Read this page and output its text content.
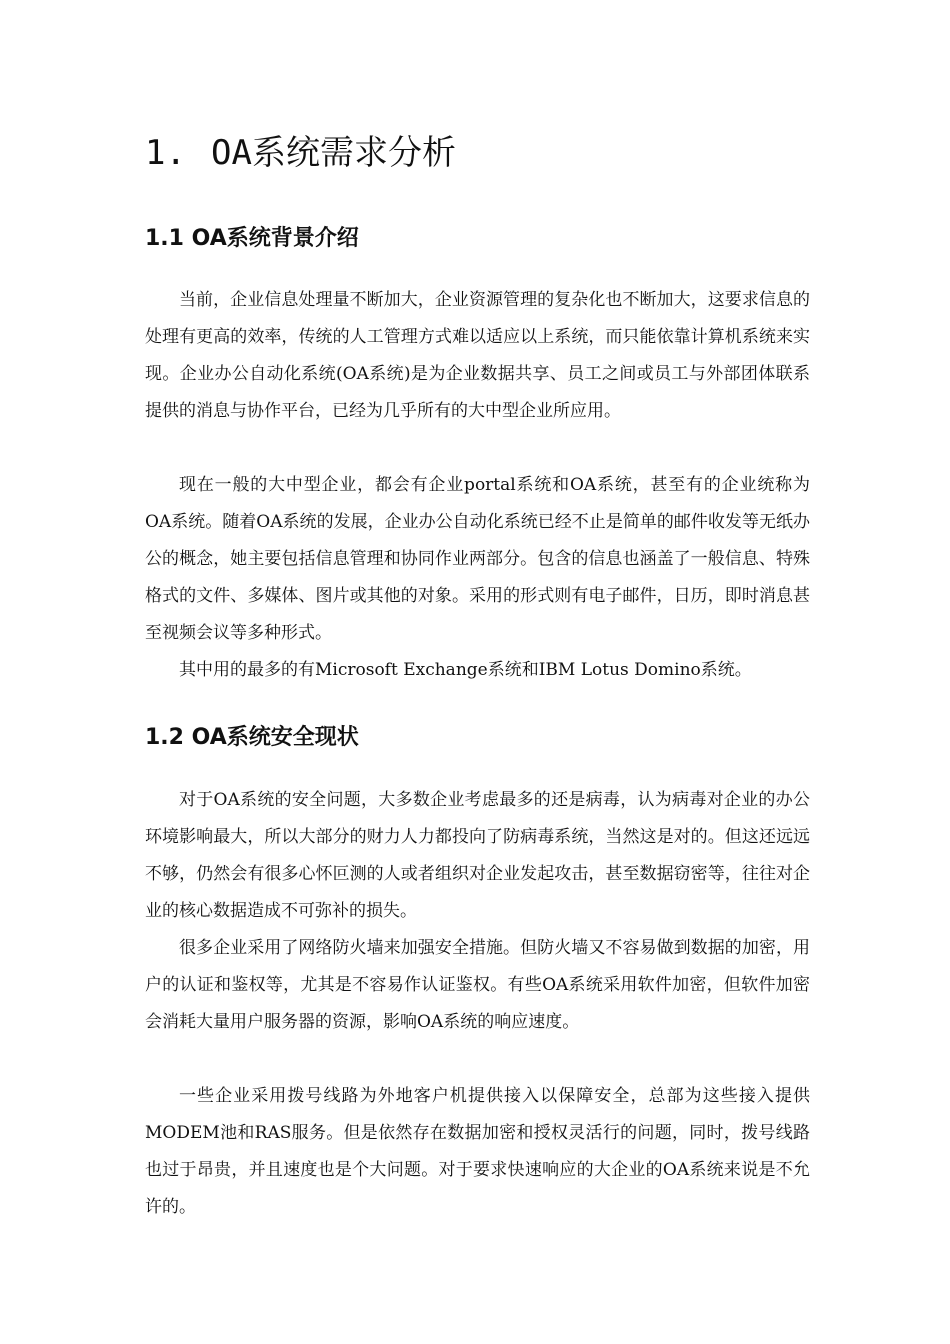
1. OA系统需求分析
1.1 OA系统背景介绍

当前，企业信息处理量不断加大，企业资源管理的复杂化也不断加大，这要求信息的处理有更高的效率，传统的人工管理方式难以适应以上系统，而只能依靠计算机系统来实现。企业办公自动化系统(OA系统)是为企业数据共享、员工之间或员工与外部团体联系提供的消息与协作平台，已经为几乎所有的大中型企业所应用。

现在一般的大中型企业，都会有企业portal系统和OA系统，甚至有的企业统称为OA系统。随着OA系统的发展，企业办公自动化系统已经不止是简单的邮件收发等无纸办公的概念，她主要包括信息管理和协同作业两部分。包含的信息也涵盖了一般信息、特殊格式的文件、多媒体、图片或其他的对象。采用的形式则有电子邮件，日历，即时消息甚至视频会议等多种形式。

其中用的最多的有Microsoft Exchange系统和IBM Lotus Domino系统。

1.2 OA系统安全现状

对于OA系统的安全问题，大多数企业考虑最多的还是病毒，认为病毒对企业的办公环境影响最大，所以大部分的财力人力都投向了防病毒系统，当然这是对的。但这还远远不够，仍然会有很多心怀叵测的人或者组织对企业发起攻击，甚至数据窃密等，往往对企业的核心数据造成不可弥补的损失。

很多企业采用了网络防火墙来加强安全措施。但防火墙又不容易做到数据的加密，用户的认证和鉴权等，尤其是不容易作认证鉴权。有些OA系统采用软件加密，但软件加密会消耗大量用户服务器的资源，影响OA系统的响应速度。

一些企业采用拨号线路为外地客户机提供接入以保障安全，总部为这些接入提供MODEM池和RAS服务。但是依然存在数据加密和授权灵活行的问题，同时，拨号线路也过于昂贵，并且速度也是个大问题。对于要求快速响应的大企业的OA系统来说是不允许的。
